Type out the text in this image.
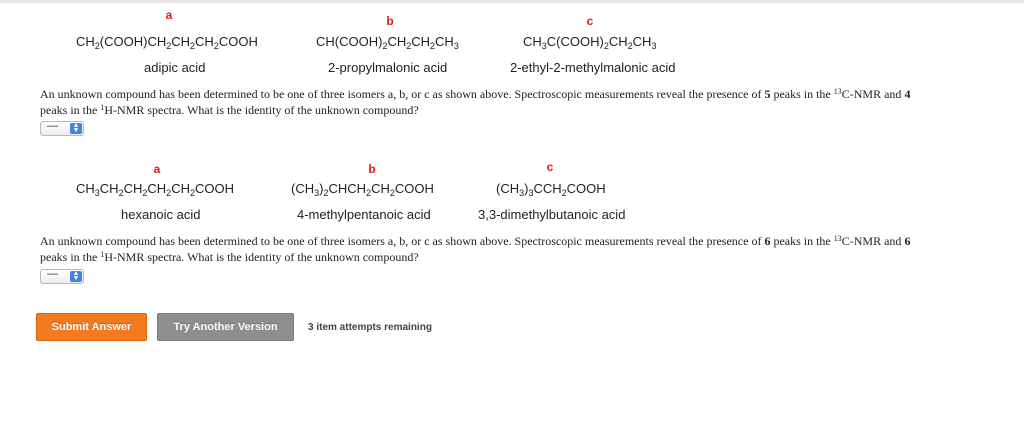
a	b	c
$CH_2(COOH)CH_2CH_2CH_2COOH$	$CH(COOH)_2CH_2CH_2CH_3$	$CH_3C(COOH)_2CH_2CH_3$
adipic acid	2-propylmalonic acid	2-ethyl-2-methylmalonic acid
An unknown compound has been determined to be one of three isomers a, b, or c as shown above. Spectroscopic measurements reveal the presence of 5 peaks in the $^{13}$C-NMR and 4
peaks in the $^1$H-NMR spectra. What is the identity of the unknown compound?
—	▲
▼
a	b	c
$CH_3CH_2CH_2CH_2CH_2COOH$	$(CH_3)_2CHCH_2CH_2COOH$	$(CH_3)_3CCH_2COOH$
hexanoic acid	4-methylpentanoic acid	3,3-dimethylbutanoic acid
An unknown compound has been determined to be one of three isomers a, b, or c as shown above. Spectroscopic measurements reveal the presence of 6 peaks in the $^{13}$C-NMR and 6
peaks in the $^1$H-NMR spectra. What is the identity of the unknown compound?
—	▲
▼
Submit Answer	Try Another Version	3 item attempts remaining
